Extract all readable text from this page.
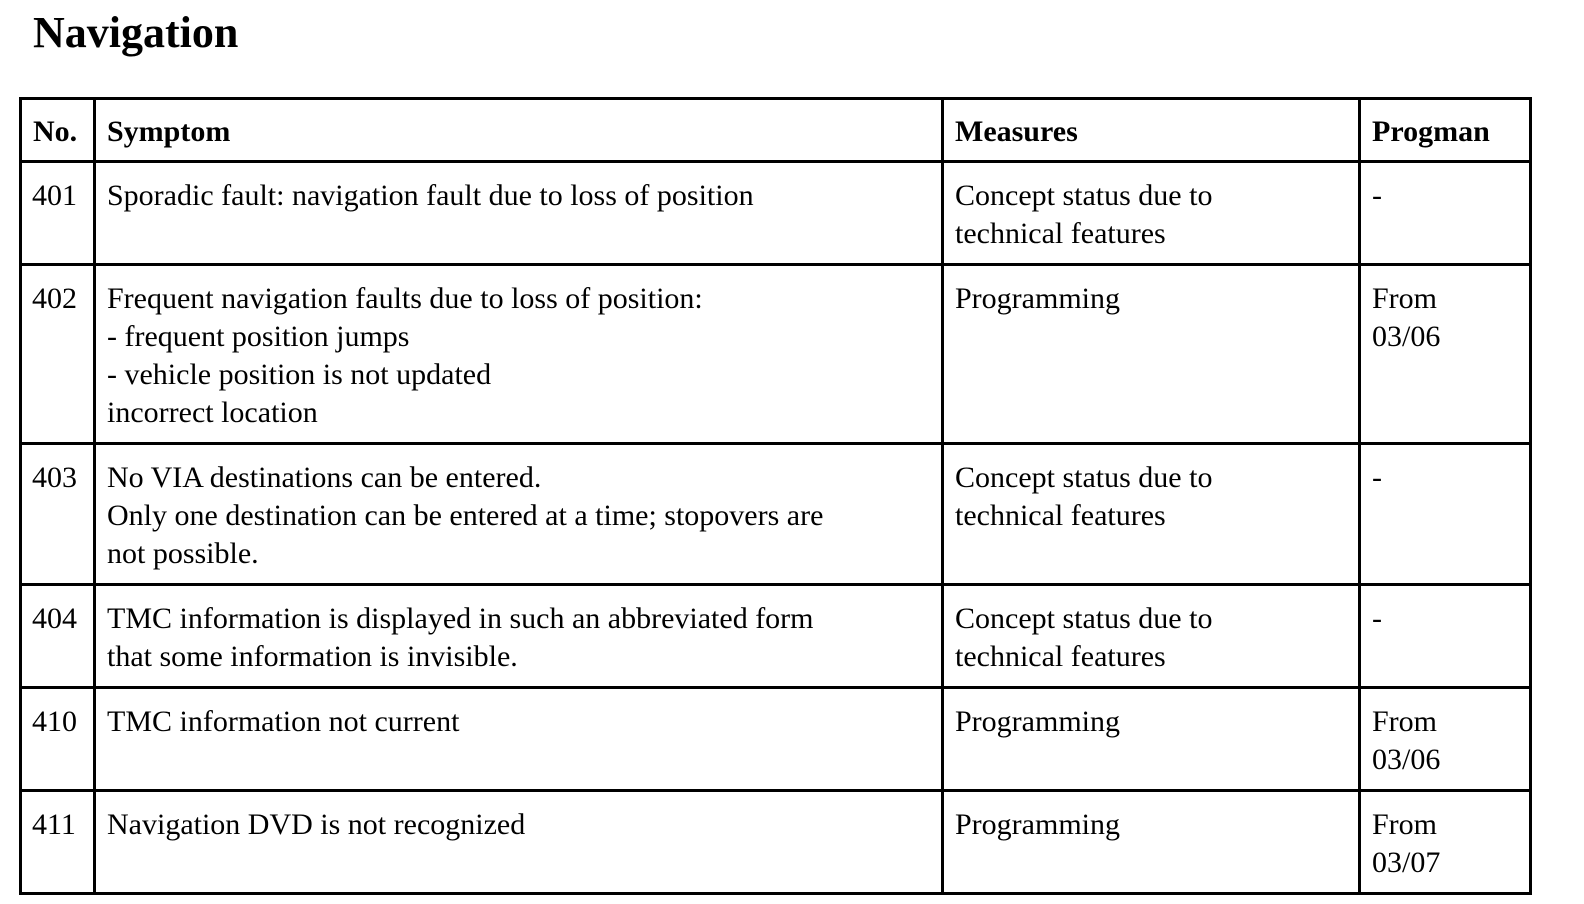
Navigation
No.	Symptom	Measures	Progman
401	Sporadic fault: navigation fault due to loss of position	Concept status due to
technical features	-

402	Frequent navigation faults due to loss of position:
- frequent position jumps
- vehicle position is not updated
incorrect location	Programming	From
03/06

403	No VIA destinations can be entered.
Only one destination can be entered at a time; stopovers are
not possible.	Concept status due to
technical features	-

404	TMC information is displayed in such an abbreviated form
that some information is invisible.	Concept status due to
technical features	-

410	TMC information not current	Programming	From
03/06

411	Navigation DVD is not recognized	Programming	From
03/07
